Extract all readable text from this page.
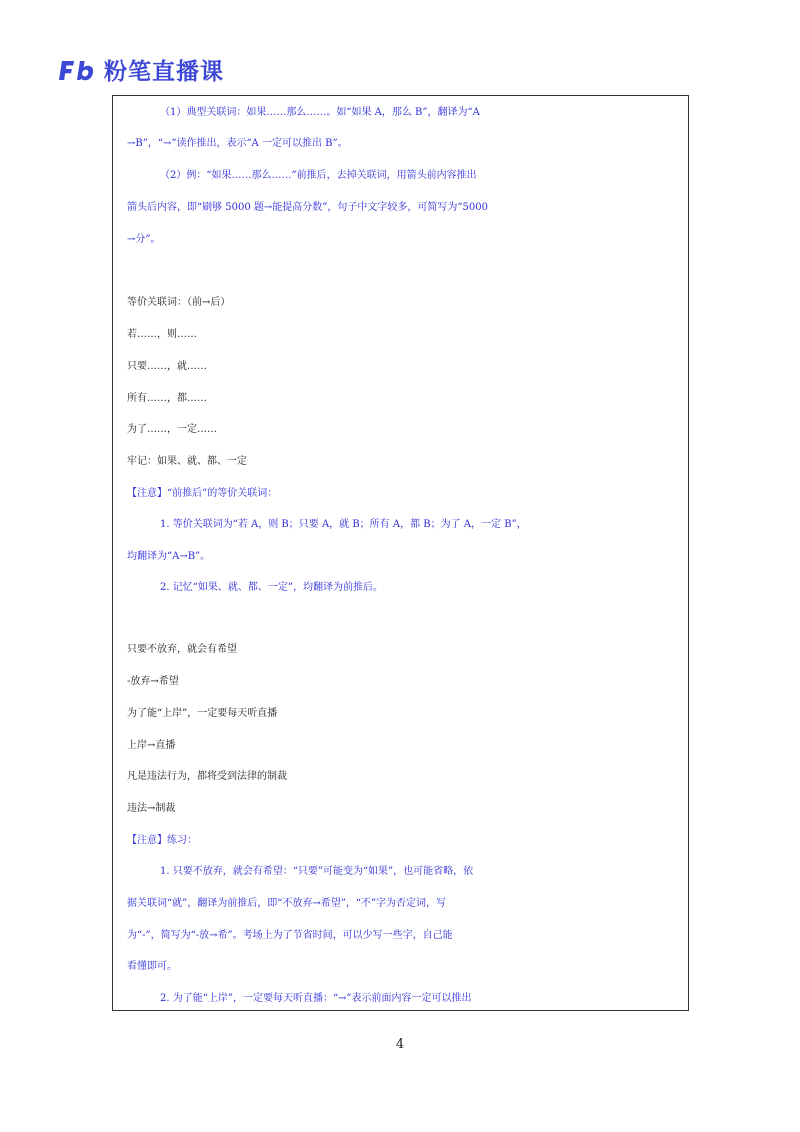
粉笔直播课
（1）典型关联词：如果……那么……。如“如果 A，那么 B”，翻译为“A
→B”，“→”读作推出，表示“A 一定可以推出 B”。
（2）例：“如果……那么……”前推后，去掉关联词，用箭头前内容推出
箭头后内容，即“刷够 5000 题→能提高分数”，句子中文字较多，可简写为“5000
→分”。
等价关联词：（前→后）
若……，则……
只要……，就……
所有……，都……
为了……，一定……
牢记：如果、就、都、一定
【注意】“前推后”的等价关联词：
1. 等价关联词为“若 A，则 B；只要 A，就 B；所有 A，都 B；为了 A，一定 B”，
均翻译为“A→B”。
2. 记忆“如果、就、都、一定”，均翻译为前推后。
只要不放弃，就会有希望
-放弃→希望
为了能“上岸”，一定要每天听直播
上岸→直播
凡是违法行为，都将受到法律的制裁
违法→制裁
【注意】练习：
1. 只要不放弃，就会有希望：“只要”可能变为“如果”，也可能省略，依
据关联词“就”，翻译为前推后，即“不放弃→希望”，“不”字为否定词，写
为“-”，简写为“-放→希”。考场上为了节省时间，可以少写一些字，自己能
看懂即可。
2. 为了能“上岸”，一定要每天听直播：“→”表示前面内容一定可以推出
4
